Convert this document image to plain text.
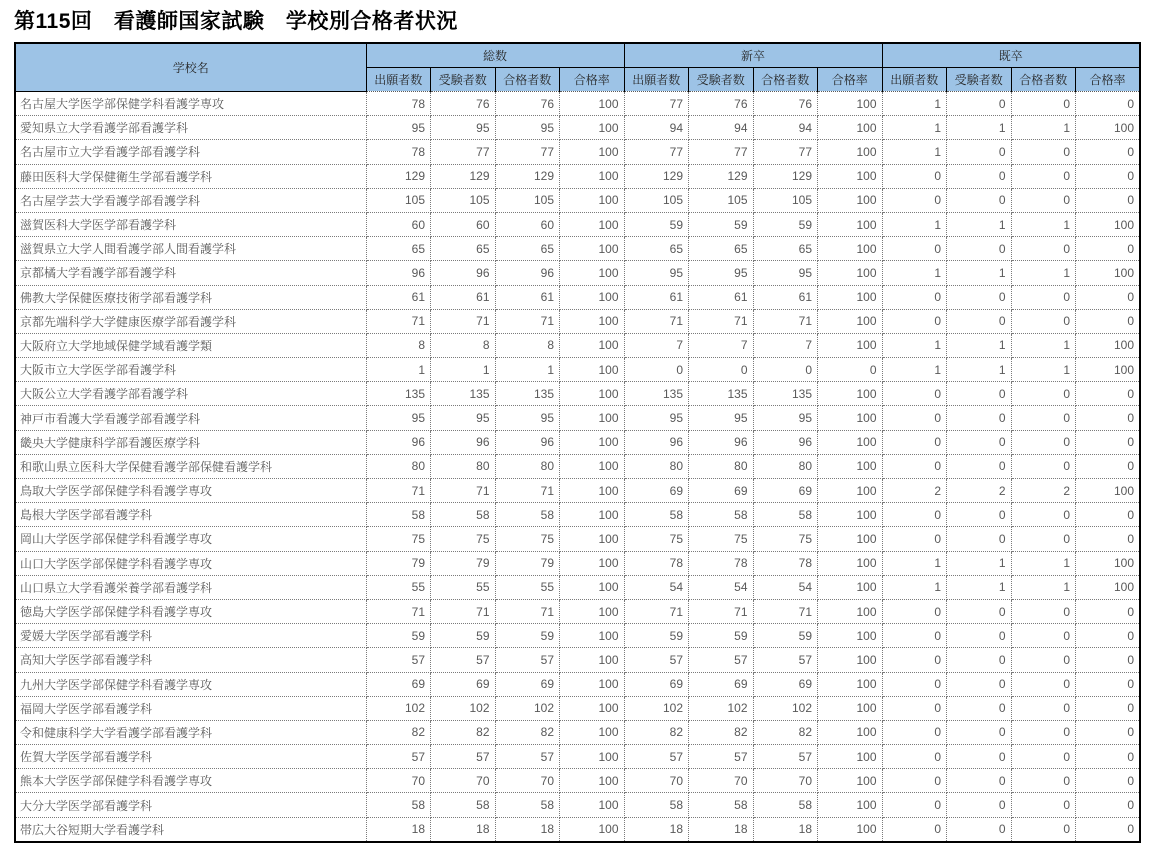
第115回　看護師国家試験　学校別合格者状況
学校名	総数				新卒				既卒			
	出願者数	受験者数	合格者数	合格率	出願者数	受験者数	合格者数	合格率	出願者数	受験者数	合格者数	合格率
名古屋大学医学部保健学科看護学専攻	78	76	76	100	77	76	76	100	1	0	0	0
愛知県立大学看護学部看護学科	95	95	95	100	94	94	94	100	1	1	1	100
名古屋市立大学看護学部看護学科	78	77	77	100	77	77	77	100	1	0	0	0
藤田医科大学保健衛生学部看護学科	129	129	129	100	129	129	129	100	0	0	0	0
名古屋学芸大学看護学部看護学科	105	105	105	100	105	105	105	100	0	0	0	0
滋賀医科大学医学部看護学科	60	60	60	100	59	59	59	100	1	1	1	100
滋賀県立大学人間看護学部人間看護学科	65	65	65	100	65	65	65	100	0	0	0	0
京都橘大学看護学部看護学科	96	96	96	100	95	95	95	100	1	1	1	100
佛教大学保健医療技術学部看護学科	61	61	61	100	61	61	61	100	0	0	0	0
京都先端科学大学健康医療学部看護学科	71	71	71	100	71	71	71	100	0	0	0	0
大阪府立大学地域保健学域看護学類	8	8	8	100	7	7	7	100	1	1	1	100
大阪市立大学医学部看護学科	1	1	1	100	0	0	0	0	1	1	1	100
大阪公立大学看護学部看護学科	135	135	135	100	135	135	135	100	0	0	0	0
神戸市看護大学看護学部看護学科	95	95	95	100	95	95	95	100	0	0	0	0
畿央大学健康科学部看護医療学科	96	96	96	100	96	96	96	100	0	0	0	0
和歌山県立医科大学保健看護学部保健看護学科	80	80	80	100	80	80	80	100	0	0	0	0
鳥取大学医学部保健学科看護学専攻	71	71	71	100	69	69	69	100	2	2	2	100
島根大学医学部看護学科	58	58	58	100	58	58	58	100	0	0	0	0
岡山大学医学部保健学科看護学専攻	75	75	75	100	75	75	75	100	0	0	0	0
山口大学医学部保健学科看護学専攻	79	79	79	100	78	78	78	100	1	1	1	100
山口県立大学看護栄養学部看護学科	55	55	55	100	54	54	54	100	1	1	1	100
徳島大学医学部保健学科看護学専攻	71	71	71	100	71	71	71	100	0	0	0	0
愛媛大学医学部看護学科	59	59	59	100	59	59	59	100	0	0	0	0
高知大学医学部看護学科	57	57	57	100	57	57	57	100	0	0	0	0
九州大学医学部保健学科看護学専攻	69	69	69	100	69	69	69	100	0	0	0	0
福岡大学医学部看護学科	102	102	102	100	102	102	102	100	0	0	0	0
令和健康科学大学看護学部看護学科	82	82	82	100	82	82	82	100	0	0	0	0
佐賀大学医学部看護学科	57	57	57	100	57	57	57	100	0	0	0	0
熊本大学医学部保健学科看護学専攻	70	70	70	100	70	70	70	100	0	0	0	0
大分大学医学部看護学科	58	58	58	100	58	58	58	100	0	0	0	0
帯広大谷短期大学看護学科	18	18	18	100	18	18	18	100	0	0	0	0
